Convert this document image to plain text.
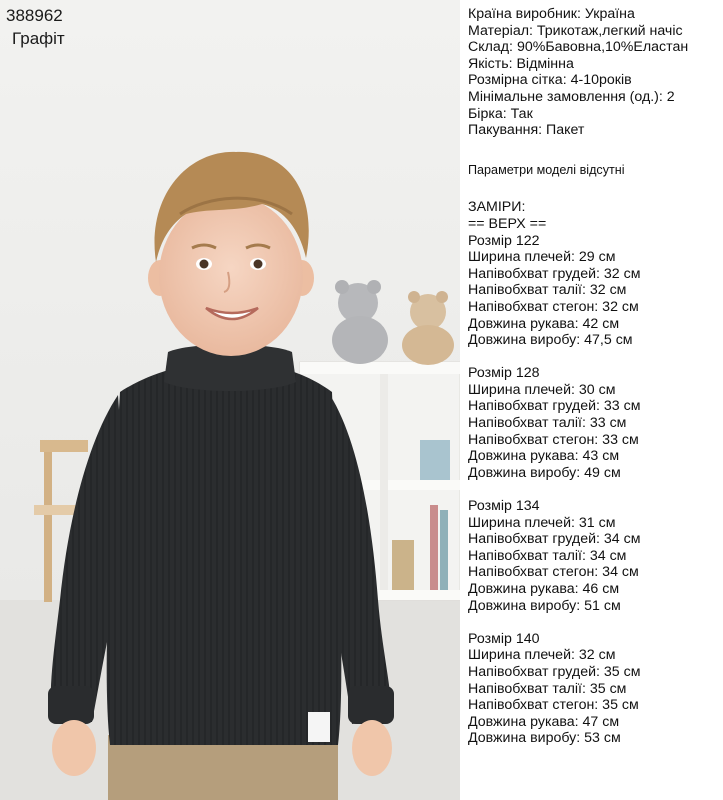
388962
Графіт
Країна виробник: Україна
Матеріал: Трикотаж,легкий начіс
Склад: 90%Бавовна,10%Еластан
Якість: Відмінна
Розмірна сітка: 4-10років
Мінімальне замовлення (од.): 2
Бірка: Так
Пакування: Пакет
Параметри моделі відсутні
ЗАМІРИ:
== ВЕРХ ==
Розмір 122
Ширина плечей: 29 см
Напівобхват грудей: 32 см
Напівобхват талії: 32 см
Напівобхват стегон: 32 см
Довжина рукава: 42 см
Довжина виробу: 47,5 см
Розмір 128
Ширина плечей: 30 см
Напівобхват грудей: 33 см
Напівобхват талії: 33 см
Напівобхват стегон: 33 см
Довжина рукава: 43 см
Довжина виробу: 49 см
Розмір 134
Ширина плечей: 31 см
Напівобхват грудей: 34 см
Напівобхват талії: 34 см
Напівобхват стегон: 34 см
Довжина рукава: 46 см
Довжина виробу: 51 см
Розмір 140
Ширина плечей: 32 см
Напівобхват грудей: 35 см
Напівобхват талії: 35 см
Напівобхват стегон: 35 см
Довжина рукава: 47 см
Довжина виробу: 53 см
